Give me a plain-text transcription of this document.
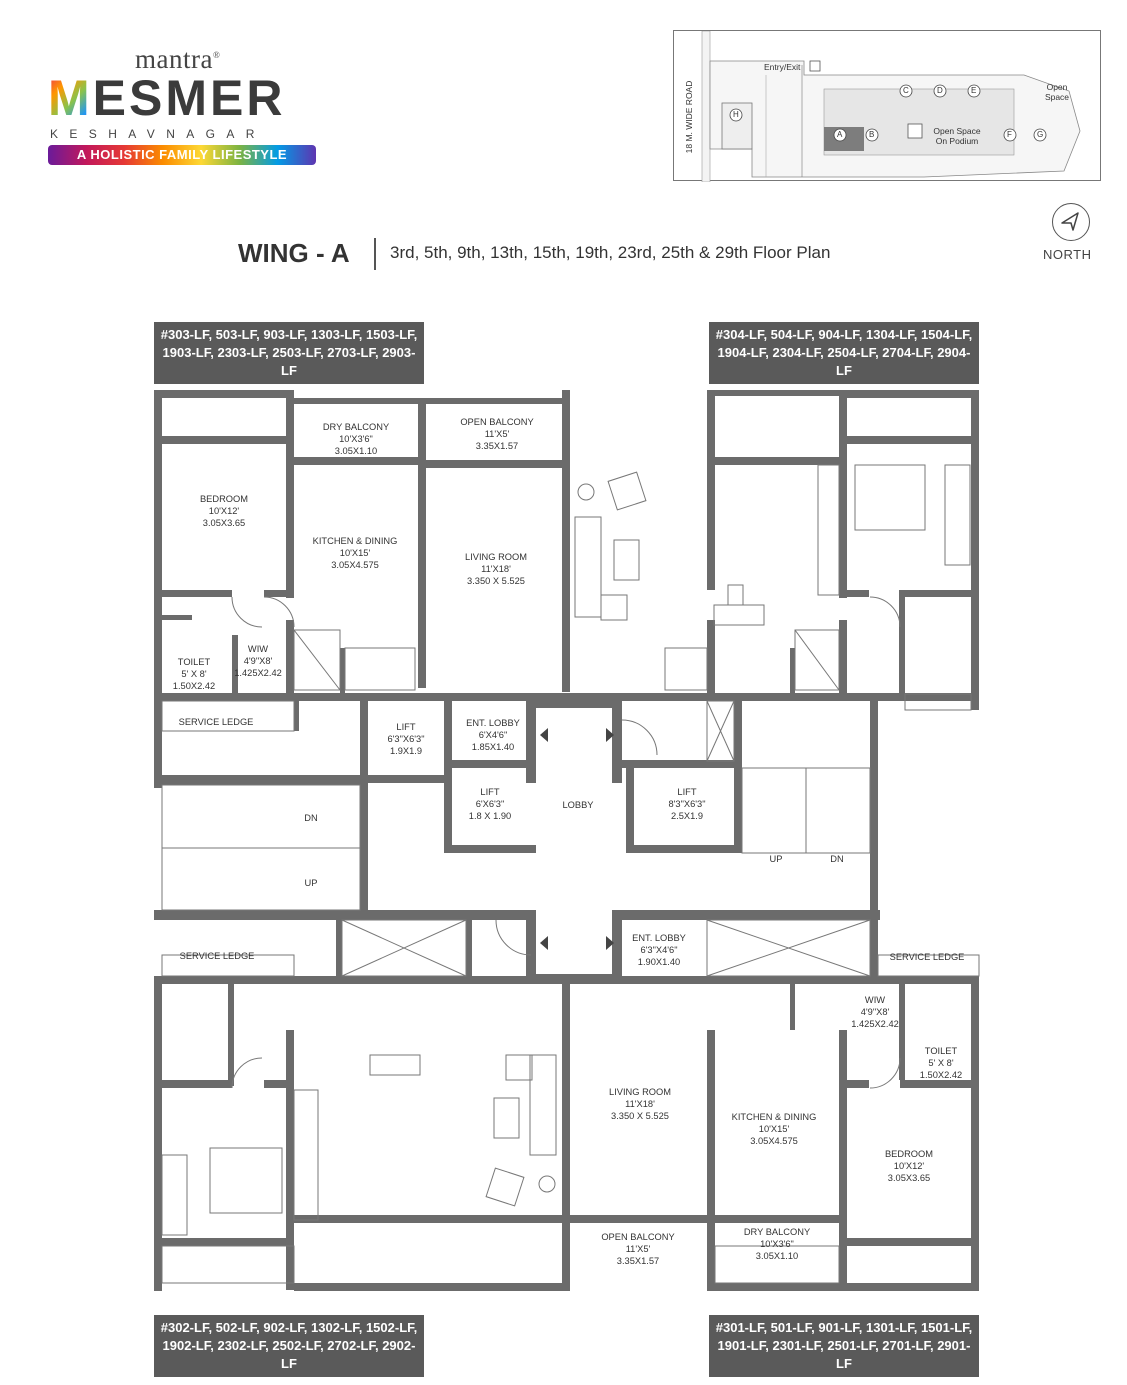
mantra®
MESMER
KESHAVNAGAR
A HOLISTIC FAMILY LIFESTYLE
18 M. WIDE ROAD
Entry/Exit
Open Space
Open Space On Podium
H
A	B
C	D	E
F	G
WING - A 3rd, 5th, 9th, 13th, 15th, 19th, 23rd, 25th & 29th Floor Plan	NORTH
#303-LF, 503-LF, 903-LF, 1303-LF, 1503-LF,
1903-LF, 2303-LF, 2503-LF, 2703-LF, 2903-LF
#304-LF, 504-LF, 904-LF, 1304-LF, 1504-LF,
1904-LF, 2304-LF, 2504-LF, 2704-LF, 2904-LF
#302-LF, 502-LF, 902-LF, 1302-LF, 1502-LF,
1902-LF, 2302-LF, 2502-LF, 2702-LF, 2902-LF
#301-LF, 501-LF, 901-LF, 1301-LF, 1501-LF,
1901-LF, 2301-LF, 2501-LF, 2701-LF, 2901-LF
DRY BALCONY
10'X3'6"
3.05X1.10
OPEN BALCONY
11'X5'
3.35X1.57
BEDROOM
10'X12'
3.05X3.65
KITCHEN & DINING
10'X15'
3.05X4.575
LIVING ROOM
11'X18'
3.350 X 5.525
TOILET
5' X 8'
1.50X2.42
WIW
4'9"X8'
1.425X2.42
SERVICE LEDGE	LIFT
6'3"X6'3"
1.9X1.9
ENT. LOBBY
6'X4'6"
1.85X1.40
LIFT
6'X6'3"
1.8 X 1.90
LOBBY
LIFT
8'3"X6'3"
2.5X1.9
DN
UP
UP	DN
SERVICE LEDGE
ENT. LOBBY
6'3"X4'6"
1.90X1.40	SERVICE LEDGE
WIW
4'9"X8'
1.425X2.42
TOILET
5' X 8'
1.50X2.42
LIVING ROOM
11'X18'
3.350 X 5.525	KITCHEN & DINING
10'X15'
3.05X4.575
BEDROOM
10'X12'
3.05X3.65
OPEN BALCONY
11'X5'
3.35X1.57
DRY BALCONY
10'X3'6"
3.05X1.10
